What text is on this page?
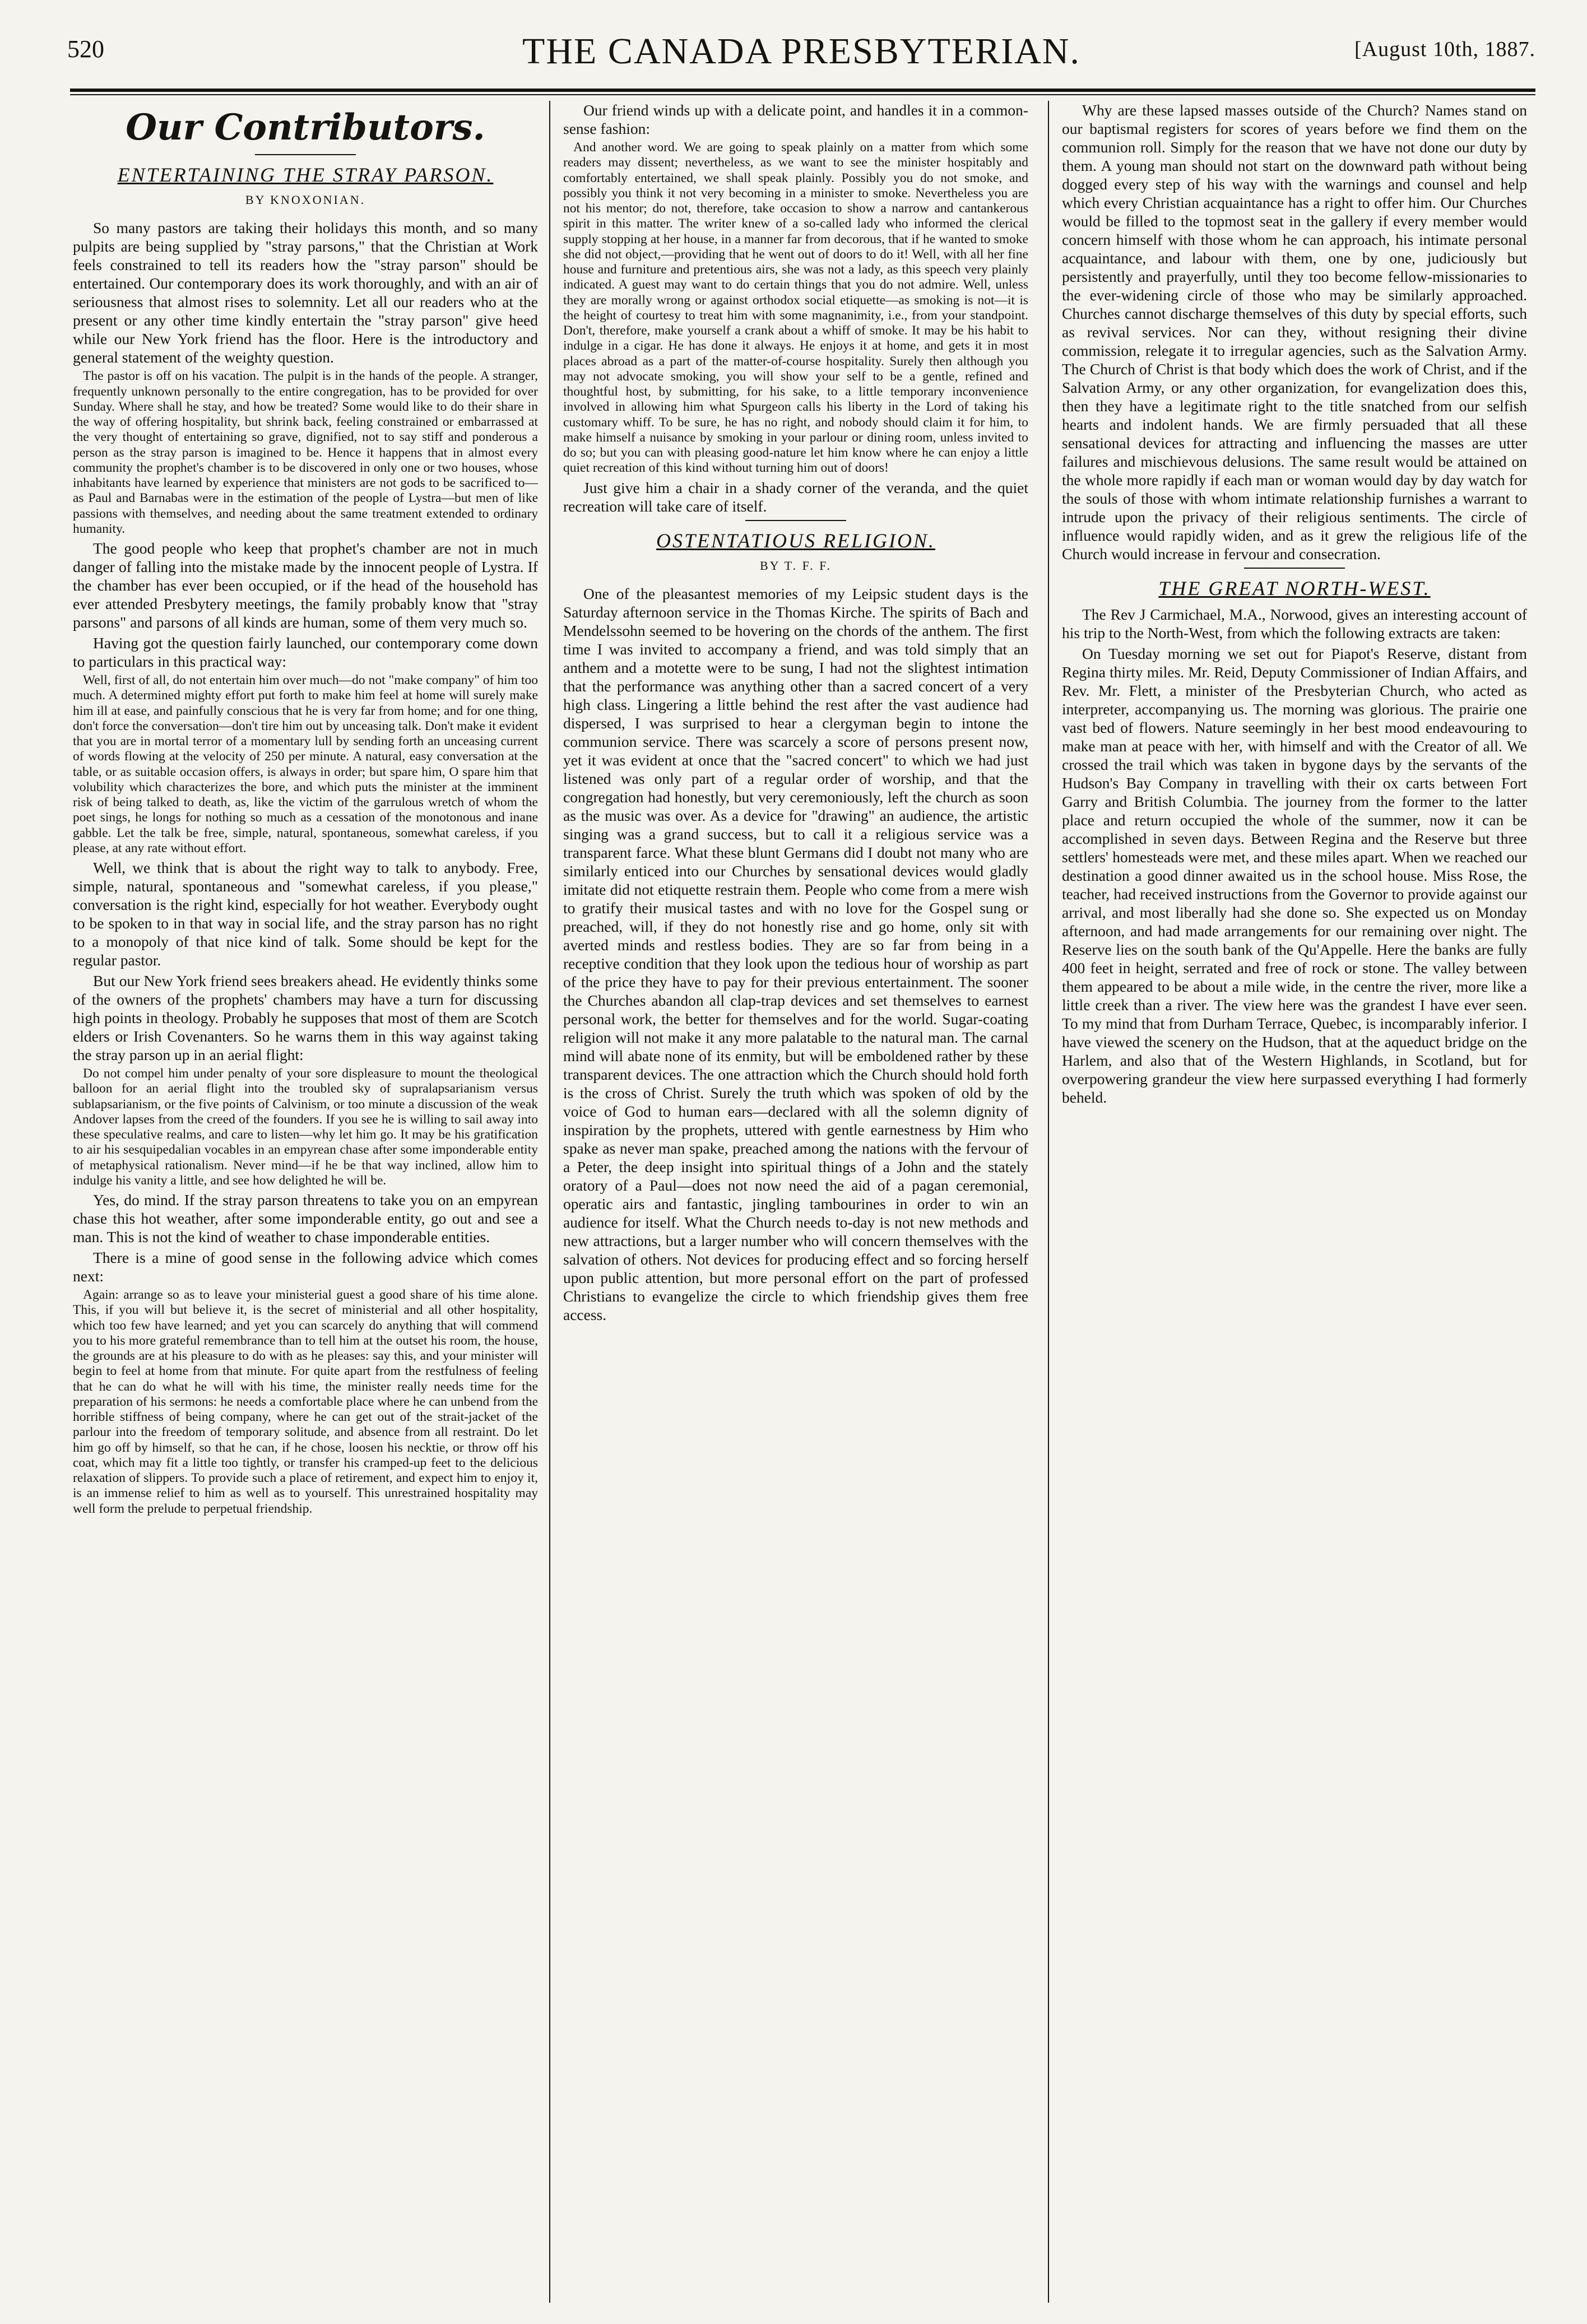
520	THE CANADA PRESBYTERIAN.	[August 10th, 1887.
Our Contributors.
ENTERTAINING THE STRAY PARSON.
BY KNOXONIAN.

So many pastors are taking their holidays this month, and so many pulpits are being supplied by "stray parsons," that the Christian at Work feels constrained to tell its readers how the "stray parson" should be entertained. Our contemporary does its work thoroughly, and with an air of seriousness that almost rises to solemnity. Let all our readers who at the present or any other time kindly entertain the "stray parson" give heed while our New York friend has the floor. Here is the introductory and general statement of the weighty question.

The pastor is off on his vacation. The pulpit is in the hands of the people. A stranger, frequently unknown personally to the entire congregation, has to be provided for over Sunday. Where shall he stay, and how be treated? Some would like to do their share in the way of offering hospitality, but shrink back, feeling constrained or embarrassed at the very thought of entertaining so grave, dignified, not to say stiff and ponderous a person as the stray parson is imagined to be. Hence it happens that in almost every community the prophet's chamber is to be discovered in only one or two houses, whose inhabitants have learned by experience that ministers are not gods to be sacrificed to—as Paul and Barnabas were in the estimation of the people of Lystra—but men of like passions with themselves, and needing about the same treatment extended to ordinary humanity.

The good people who keep that prophet's chamber are not in much danger of falling into the mistake made by the innocent people of Lystra. If the chamber has ever been occupied, or if the head of the household has ever attended Presbytery meetings, the family probably know that "stray parsons" and parsons of all kinds are human, some of them very much so.

Having got the question fairly launched, our contemporary come down to particulars in this practical way:

Well, first of all, do not entertain him over much—do not "make company" of him too much. A determined mighty effort put forth to make him feel at home will surely make him ill at ease, and painfully conscious that he is very far from home; and for one thing, don't force the conversation—don't tire him out by unceasing talk. Don't make it evident that you are in mortal terror of a momentary lull by sending forth an unceasing current of words flowing at the velocity of 250 per minute. A natural, easy conversation at the table, or as suitable occasion offers, is always in order; but spare him, O spare him that volubility which characterizes the bore, and which puts the minister at the imminent risk of being talked to death, as, like the victim of the garrulous wretch of whom the poet sings, he longs for nothing so much as a cessation of the monotonous and inane gabble. Let the talk be free, simple, natural, spontaneous, somewhat careless, if you please, at any rate without effort.

Well, we think that is about the right way to talk to anybody. Free, simple, natural, spontaneous and "somewhat careless, if you please," conversation is the right kind, especially for hot weather. Everybody ought to be spoken to in that way in social life, and the stray parson has no right to a monopoly of that nice kind of talk. Some should be kept for the regular pastor.

But our New York friend sees breakers ahead. He evidently thinks some of the owners of the prophets' chambers may have a turn for discussing high points in theology. Probably he supposes that most of them are Scotch elders or Irish Covenanters. So he warns them in this way against taking the stray parson up in an aerial flight:

Do not compel him under penalty of your sore displeasure to mount the theological balloon for an aerial flight into the troubled sky of supralapsarianism versus sublapsarianism, or the five points of Calvinism, or too minute a discussion of the weak Andover lapses from the creed of the founders. If you see he is willing to sail away into these speculative realms, and care to listen—why let him go. It may be his gratification to air his sesquipedalian vocables in an empyrean chase after some imponderable entity of metaphysical rationalism. Never mind—if he be that way inclined, allow him to indulge his vanity a little, and see how delighted he will be.

Yes, do mind. If the stray parson threatens to take you on an empyrean chase this hot weather, after some imponderable entity, go out and see a man. This is not the kind of weather to chase imponderable entities.

There is a mine of good sense in the following advice which comes next:

Again: arrange so as to leave your ministerial guest a good share of his time alone. This, if you will but believe it, is the secret of ministerial and all other hospitality, which too few have learned; and yet you can scarcely do anything that will commend you to his more grateful remembrance than to tell him at the outset his room, the house, the grounds are at his pleasure to do with as he pleases: say this, and your minister will begin to feel at home from that minute. For quite apart from the restfulness of feeling that he can do what he will with his time, the minister really needs time for the preparation of his sermons: he needs a comfortable place where he can unbend from the horrible stiffness of being company, where he can get out of the strait-jacket of the parlour into the freedom of temporary solitude, and absence from all restraint. Do let him go off by himself, so that he can, if he chose, loosen his necktie, or throw off his coat, which may fit a little too tightly, or transfer his cramped-up feet to the delicious relaxation of slippers. To provide such a place of retirement, and expect him to enjoy it, is an immense relief to him as well as to yourself. This unrestrained hospitality may well form the prelude to perpetual friendship.

Our friend winds up with a delicate point, and handles it in a common-sense fashion:

And another word. We are going to speak plainly on a matter from which some readers may dissent; nevertheless, as we want to see the minister hospitably and comfortably entertained, we shall speak plainly. Possibly you do not smoke, and possibly you think it not very becoming in a minister to smoke. Nevertheless you are not his mentor; do not, therefore, take occasion to show a narrow and cantankerous spirit in this matter. The writer knew of a so-called lady who informed the clerical supply stopping at her house, in a manner far from decorous, that if he wanted to smoke she did not object,—providing that he went out of doors to do it! Well, with all her fine house and furniture and pretentious airs, she was not a lady, as this speech very plainly indicated. A guest may want to do certain things that you do not admire. Well, unless they are morally wrong or against orthodox social etiquette—as smoking is not—it is the height of courtesy to treat him with some magnanimity, i.e., from your standpoint. Don't, therefore, make yourself a crank about a whiff of smoke. It may be his habit to indulge in a cigar. He has done it always. He enjoys it at home, and gets it in most places abroad as a part of the matter-of-course hospitality. Surely then although you may not advocate smoking, you will show your self to be a gentle, refined and thoughtful host, by submitting, for his sake, to a little temporary inconvenience involved in allowing him what Spurgeon calls his liberty in the Lord of taking his customary whiff. To be sure, he has no right, and nobody should claim it for him, to make himself a nuisance by smoking in your parlour or dining room, unless invited to do so; but you can with pleasing good-nature let him know where he can enjoy a little quiet recreation of this kind without turning him out of doors!

Just give him a chair in a shady corner of the veranda, and the quiet recreation will take care of itself.

OSTENTATIOUS RELIGION.
BY T. F. F.

One of the pleasantest memories of my Leipsic student days is the Saturday afternoon service in the Thomas Kirche. The spirits of Bach and Mendelssohn seemed to be hovering on the chords of the anthem. The first time I was invited to accompany a friend, and was told simply that an anthem and a motette were to be sung, I had not the slightest intimation that the performance was anything other than a sacred concert of a very high class. Lingering a little behind the rest after the vast audience had dispersed, I was surprised to hear a clergyman begin to intone the communion service. There was scarcely a score of persons present now, yet it was evident at once that the "sacred concert" to which we had just listened was only part of a regular order of worship, and that the congregation had honestly, but very ceremoniously, left the church as soon as the music was over. As a device for "drawing" an audience, the artistic singing was a grand success, but to call it a religious service was a transparent farce. What these blunt Germans did I doubt not many who are similarly enticed into our Churches by sensational devices would gladly imitate did not etiquette restrain them. People who come from a mere wish to gratify their musical tastes and with no love for the Gospel sung or preached, will, if they do not honestly rise and go home, only sit with averted minds and restless bodies. They are so far from being in a receptive condition that they look upon the tedious hour of worship as part of the price they have to pay for their previous entertainment. The sooner the Churches abandon all clap-trap devices and set themselves to earnest personal work, the better for themselves and for the world. Sugar-coating religion will not make it any more palatable to the natural man. The carnal mind will abate none of its enmity, but will be emboldened rather by these transparent devices. The one attraction which the Church should hold forth is the cross of Christ. Surely the truth which was spoken of old by the voice of God to human ears—declared with all the solemn dignity of inspiration by the prophets, uttered with gentle earnestness by Him who spake as never man spake, preached among the nations with the fervour of a Peter, the deep insight into spiritual things of a John and the stately oratory of a Paul—does not now need the aid of a pagan ceremonial, operatic airs and fantastic, jingling tambourines in order to win an audience for itself. What the Church needs to-day is not new methods and new attractions, but a larger number who will concern themselves with the salvation of others. Not devices for producing effect and so forcing herself upon public attention, but more personal effort on the part of professed Christians to evangelize the circle to which friendship gives them free access.

Why are these lapsed masses outside of the Church? Names stand on our baptismal registers for scores of years before we find them on the communion roll. Simply for the reason that we have not done our duty by them. A young man should not start on the downward path without being dogged every step of his way with the warnings and counsel and help which every Christian acquaintance has a right to offer him. Our Churches would be filled to the topmost seat in the gallery if every member would concern himself with those whom he can approach, his intimate personal acquaintance, and labour with them, one by one, judiciously but persistently and prayerfully, until they too become fellow-missionaries to the ever-widening circle of those who may be similarly approached. Churches cannot discharge themselves of this duty by special efforts, such as revival services. Nor can they, without resigning their divine commission, relegate it to irregular agencies, such as the Salvation Army. The Church of Christ is that body which does the work of Christ, and if the Salvation Army, or any other organization, for evangelization does this, then they have a legitimate right to the title snatched from our selfish hearts and indolent hands. We are firmly persuaded that all these sensational devices for attracting and influencing the masses are utter failures and mischievous delusions. The same result would be attained on the whole more rapidly if each man or woman would day by day watch for the souls of those with whom intimate relationship furnishes a warrant to intrude upon the privacy of their religious sentiments. The circle of influence would rapidly widen, and as it grew the religious life of the Church would increase in fervour and consecration.

THE GREAT NORTH-WEST.

The Rev J Carmichael, M.A., Norwood, gives an interesting account of his trip to the North-West, from which the following extracts are taken:

On Tuesday morning we set out for Piapot's Reserve, distant from Regina thirty miles. Mr. Reid, Deputy Commissioner of Indian Affairs, and Rev. Mr. Flett, a minister of the Presbyterian Church, who acted as interpreter, accompanying us. The morning was glorious. The prairie one vast bed of flowers. Nature seemingly in her best mood endeavouring to make man at peace with her, with himself and with the Creator of all. We crossed the trail which was taken in bygone days by the servants of the Hudson's Bay Company in travelling with their ox carts between Fort Garry and British Columbia. The journey from the former to the latter place and return occupied the whole of the summer, now it can be accomplished in seven days. Between Regina and the Reserve but three settlers' homesteads were met, and these miles apart. When we reached our destination a good dinner awaited us in the school house. Miss Rose, the teacher, had received instructions from the Governor to provide against our arrival, and most liberally had she done so. She expected us on Monday afternoon, and had made arrangements for our remaining over night. The Reserve lies on the south bank of the Qu'Appelle. Here the banks are fully 400 feet in height, serrated and free of rock or stone. The valley between them appeared to be about a mile wide, in the centre the river, more like a little creek than a river. The view here was the grandest I have ever seen. To my mind that from Durham Terrace, Quebec, is incomparably inferior. I have viewed the scenery on the Hudson, that at the aqueduct bridge on the Harlem, and also that of the Western Highlands, in Scotland, but for overpowering grandeur the view here surpassed everything I had formerly beheld.
